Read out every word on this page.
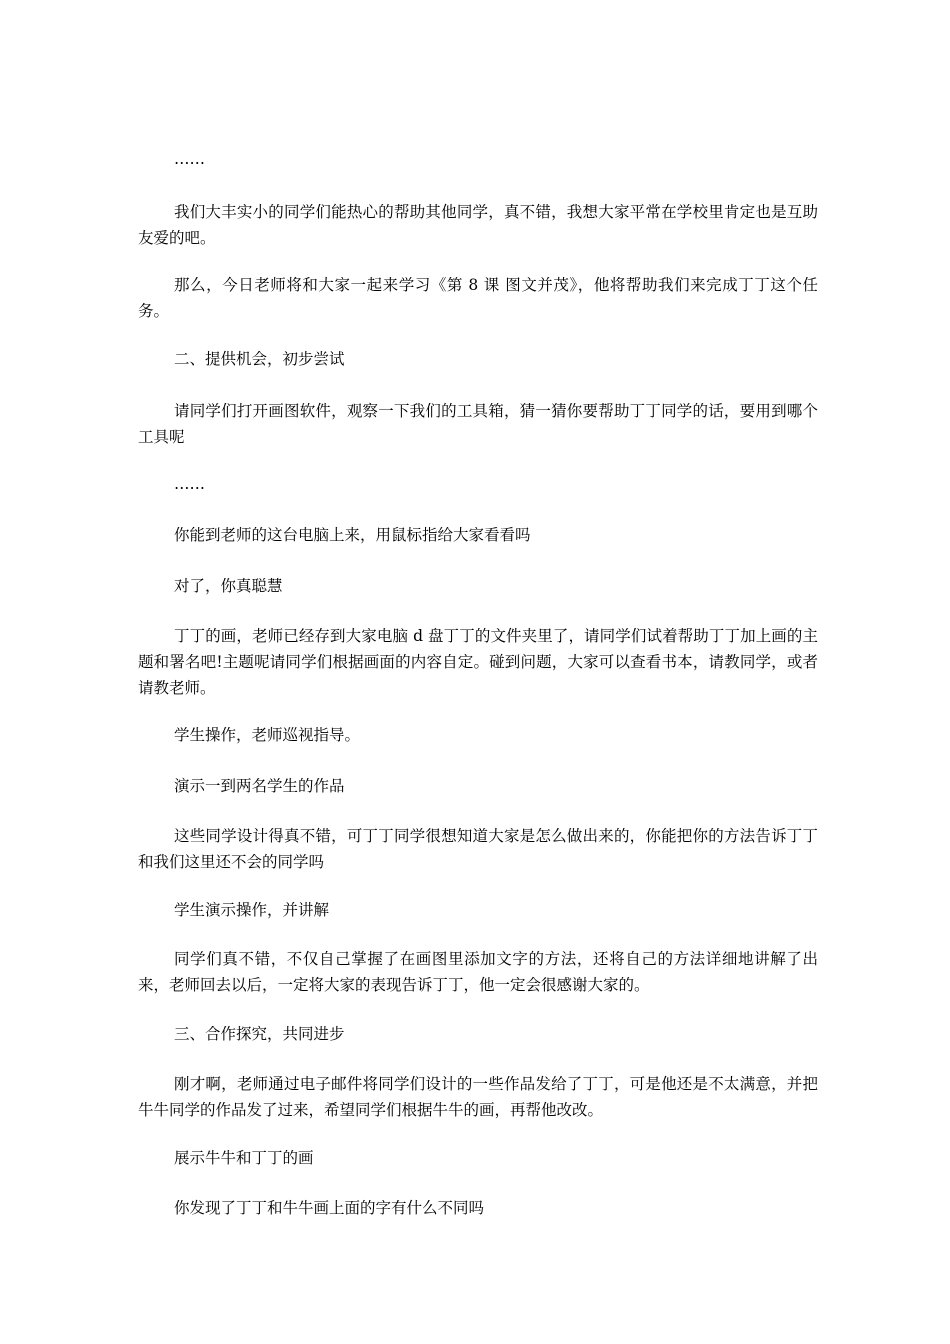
……

我们大丰实小的同学们能热心的帮助其他同学，真不错，我想大家平常在学校里肯定也是互助友爱的吧。

那么，今日老师将和大家一起来学习《第 8 课 图文并茂》，他将帮助我们来完成丁丁这个任务。

二、提供机会，初步尝试

请同学们打开画图软件，观察一下我们的工具箱，猜一猜你要帮助丁丁同学的话，要用到哪个工具呢

……

你能到老师的这台电脑上来，用鼠标指给大家看看吗

对了，你真聪慧

丁丁的画，老师已经存到大家电脑 d 盘丁丁的文件夹里了，请同学们试着帮助丁丁加上画的主题和署名吧!主题呢请同学们根据画面的内容自定。碰到问题，大家可以查看书本，请教同学，或者请教老师。

学生操作，老师巡视指导。

演示一到两名学生的作品

这些同学设计得真不错，可丁丁同学很想知道大家是怎么做出来的，你能把你的方法告诉丁丁和我们这里还不会的同学吗

学生演示操作，并讲解

同学们真不错，不仅自己掌握了在画图里添加文字的方法，还将自己的方法详细地讲解了出来，老师回去以后，一定将大家的表现告诉丁丁，他一定会很感谢大家的。

三、合作探究，共同进步

刚才啊，老师通过电子邮件将同学们设计的一些作品发给了丁丁，可是他还是不太满意，并把牛牛同学的作品发了过来，希望同学们根据牛牛的画，再帮他改改。

展示牛牛和丁丁的画

你发现了丁丁和牛牛画上面的字有什么不同吗
